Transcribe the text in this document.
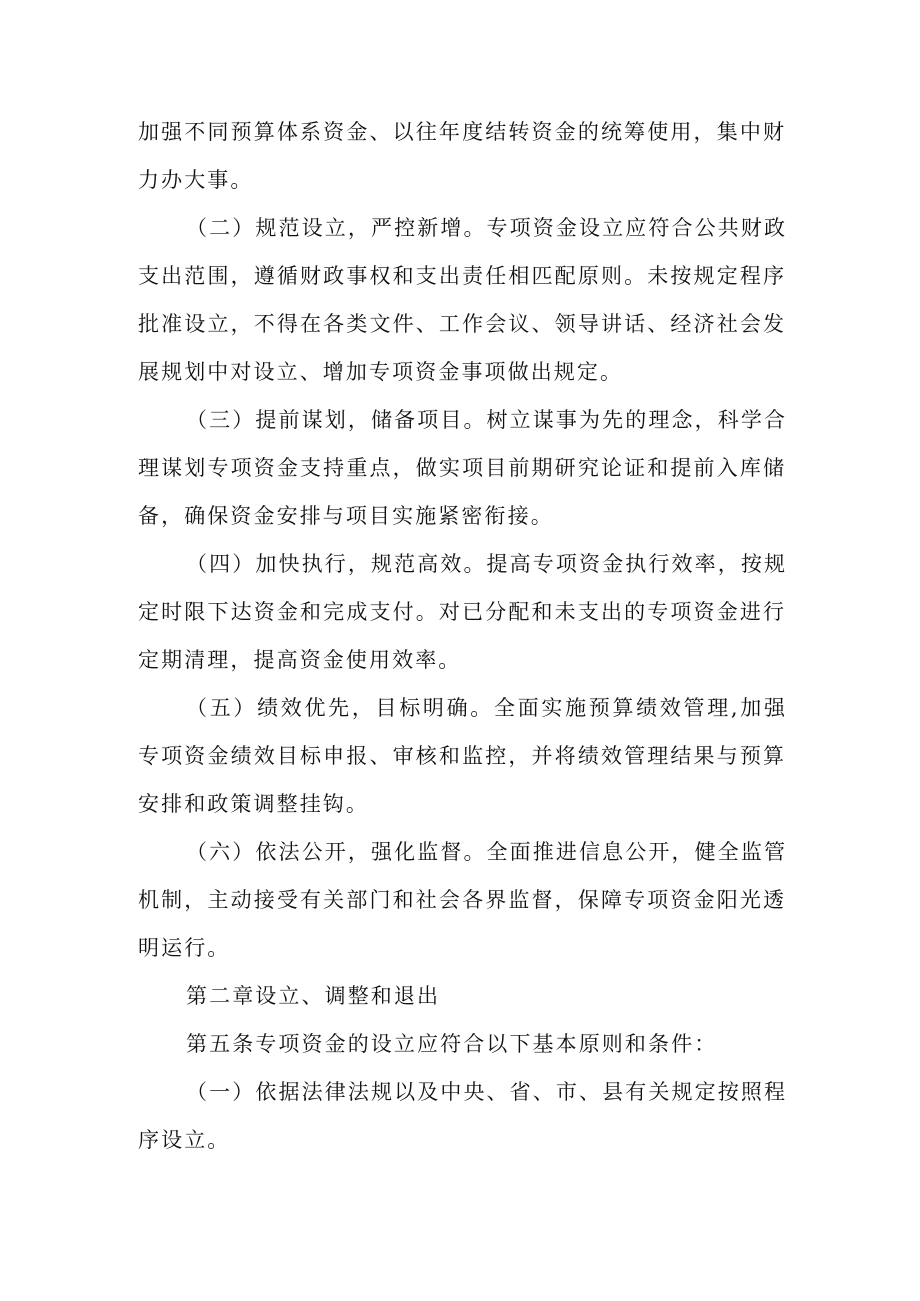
加强不同预算体系资金、以往年度结转资金的统筹使用，集中财
力办大事。
（二）规范设立，严控新增。专项资金设立应符合公共财政
支出范围，遵循财政事权和支出责任相匹配原则。未按规定程序
批准设立，不得在各类文件、工作会议、领导讲话、经济社会发
展规划中对设立、增加专项资金事项做出规定。
（三）提前谋划，储备项目。树立谋事为先的理念，科学合
理谋划专项资金支持重点，做实项目前期研究论证和提前入库储
备，确保资金安排与项目实施紧密衔接。
（四）加快执行，规范高效。提高专项资金执行效率，按规
定时限下达资金和完成支付。对已分配和未支出的专项资金进行
定期清理，提高资金使用效率。
（五）绩效优先，目标明确。全面实施预算绩效管理,加强
专项资金绩效目标申报、审核和监控，并将绩效管理结果与预算
安排和政策调整挂钩。
（六）依法公开，强化监督。全面推进信息公开，健全监管
机制，主动接受有关部门和社会各界监督，保障专项资金阳光透
明运行。
第二章设立、调整和退出
第五条专项资金的设立应符合以下基本原则和条件：
（一）依据法律法规以及中央、省、市、县有关规定按照程
序设立。
